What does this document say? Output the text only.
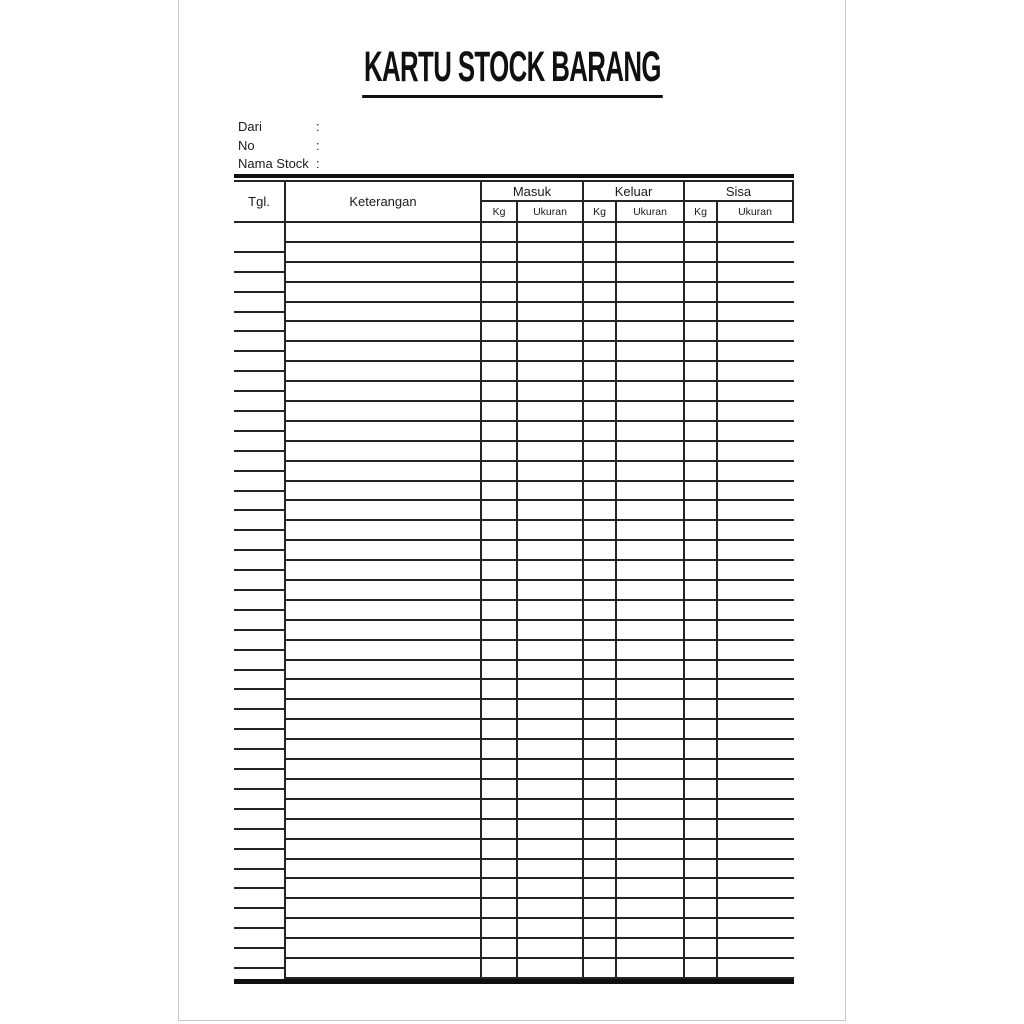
KARTU STOCK BARANG
Dari	:
No	:
Nama Stock :
Tgl.	Keterangan
Masuk
Kg	Ukuran
Keluar
Kg	Ukuran
Sisa
Kg	Ukuran
